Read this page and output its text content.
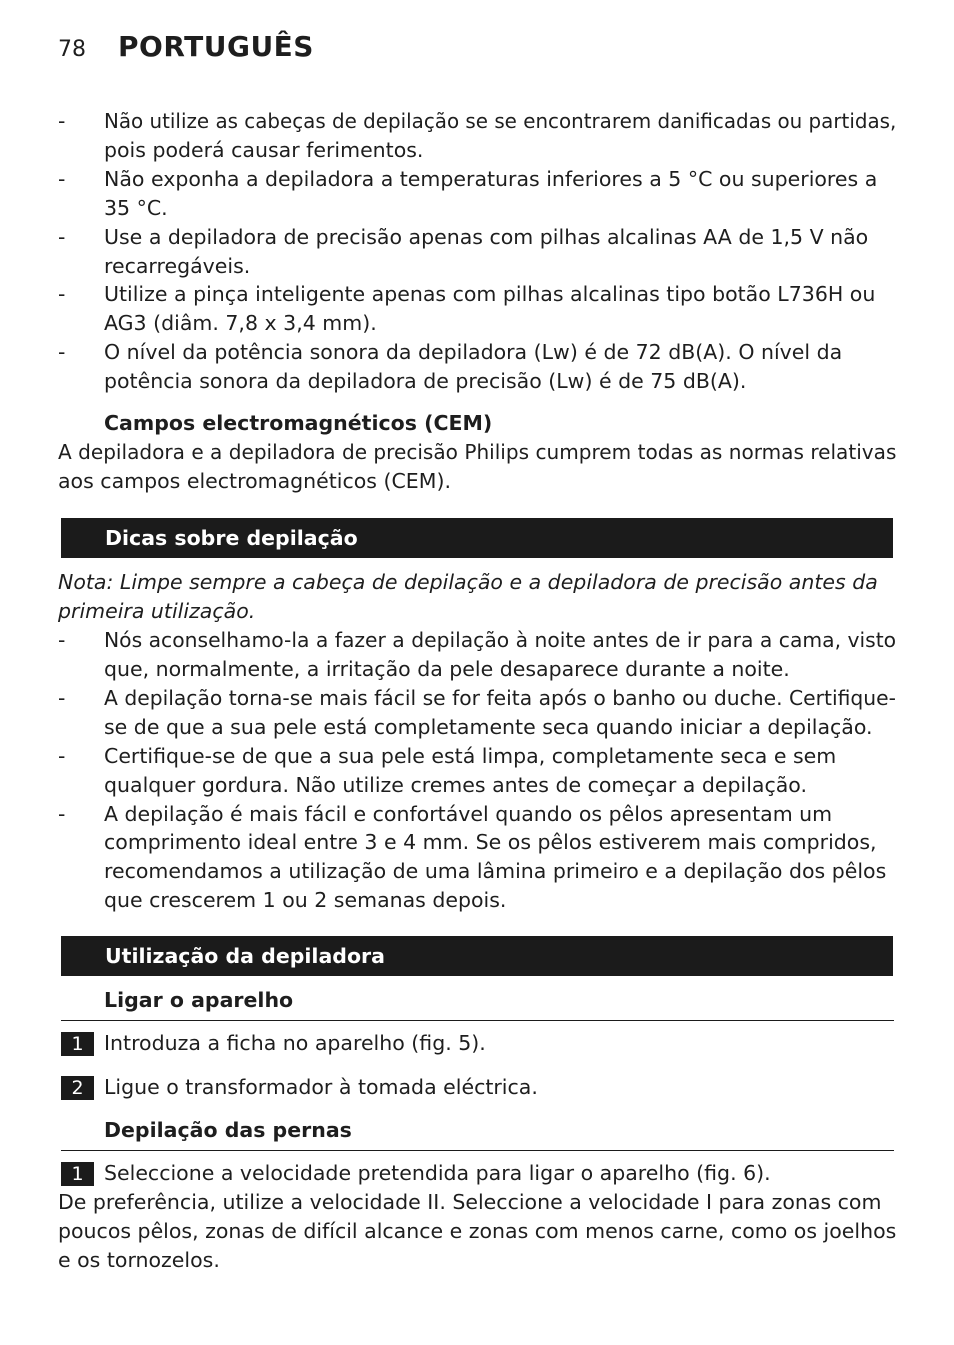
78 PORTUGUÊS
- Não utilize as cabeças de depilação se se encontrarem danificadas ou partidas,
pois poderá causar ferimentos.
- Não exponha a depiladora a temperaturas inferiores a 5 °C ou superiores a
35 °C.
- Use a depiladora de precisão apenas com pilhas alcalinas AA de 1,5 V não
recarregáveis.
- Utilize a pinça inteligente apenas com pilhas alcalinas tipo botão L736H ou
AG3 (diâm. 7,8 x 3,4 mm).
- O nível da potência sonora da depiladora (Lw) é de 72 dB(A). O nível da
potência sonora da depiladora de precisão (Lw) é de 75 dB(A).
Campos electromagnéticos (CEM)
A depiladora e a depiladora de precisão Philips cumprem todas as normas relativas
aos campos electromagnéticos (CEM).
Dicas sobre depilação
Nota: Limpe sempre a cabeça de depilação e a depiladora de precisão antes da
primeira utilização.
- Nós aconselhamo-la a fazer a depilação à noite antes de ir para a cama, visto
que, normalmente, a irritação da pele desaparece durante a noite.
- A depilação torna-se mais fácil se for feita após o banho ou duche. Certifique-
se de que a sua pele está completamente seca quando iniciar a depilação.
- Certifique-se de que a sua pele está limpa, completamente seca e sem
qualquer gordura. Não utilize cremes antes de começar a depilação.
- A depilação é mais fácil e confortável quando os pêlos apresentam um
comprimento ideal entre 3 e 4 mm. Se os pêlos estiverem mais compridos,
recomendamos a utilização de uma lâmina primeiro e a depilação dos pêlos
que crescerem 1 ou 2 semanas depois.
Utilização da depiladora
Ligar o aparelho
1 Introduza a ficha no aparelho (fig. 5).
2 Ligue o transformador à tomada eléctrica.
Depilação das pernas
1 Seleccione a velocidade pretendida para ligar o aparelho (fig. 6).
De preferência, utilize a velocidade II. Seleccione a velocidade I para zonas com
poucos pêlos, zonas de difícil alcance e zonas com menos carne, como os joelhos
e os tornozelos.
